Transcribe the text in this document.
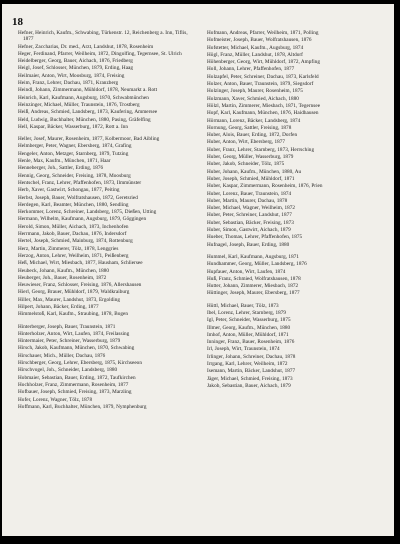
18
Hefner, Heinrich, Kaufm., Schwabing, Türkenstr. 12, Reichenberg a. Inn, Tiflis, 1877
Hefner, Zaccharias, Dr. med., Arzt, Landshut, 1878, Rosenheim
Heger, Ferdinand, Pfarrer, Weilheim, 1872, Dingolfing, Tegernsee, St. Ulrich
Heidelberger, Georg, Bauer, Aichach, 1876, Friedberg
Heigl, Josef, Schlosser, München, 1879, Erding, Haag
Heilmaier, Anton, Wirt, Moosburg, 1874, Freising
Heim, Franz, Lehrer, Dachau, 1871, Kranzberg
Heindl, Johann, Zimmermann, Mühldorf, 1878, Neumarkt a. Rott
Heinrich, Karl, Kaufmann, Augsburg, 1870, Schwabmünchen
Heinzinger, Michael, Müller, Traunstein, 1876, Trostberg
Heiß, Andreas, Schmied, Landsberg, 1873, Kaufering, Ammersee
Held, Ludwig, Buchhalter, München, 1880, Pasing, Gräfelfing
Hell, Kaspar, Bäcker, Wasserburg, 1872, Rott a. Inn
Heller, Josef, Maurer, Rosenheim, 1877, Kolbermoor, Bad Aibling
Helmberger, Peter, Wagner, Ebersberg, 1874, Grafing
Hengeler, Anton, Metzger, Starnberg, 1879, Tutzing
Henle, Max, Kaufm., München, 1871, Haar
Henneberger, Joh., Sattler, Erding, 1876
Hennig, Georg, Schneider, Freising, 1878, Moosburg
Hentschel, Franz, Lehrer, Pfaffenhofen, 1873, Ilmmünster
Herb, Xaver, Gastwirt, Schongau, 1877, Peiting
Herbst, Joseph, Bauer, Wolfratshausen, 1872, Geretsried
Herdegen, Karl, Beamter, München, 1880, Sendling
Herkommer, Lorenz, Schreiner, Landsberg, 1875, Dießen, Utting
Hermann, Wilhelm, Kaufmann, Augsburg, 1879, Göggingen
Herold, Simon, Müller, Aichach, 1873, Inchenhofen
Herrmann, Jakob, Bauer, Dachau, 1876, Indersdorf
Hertel, Joseph, Schmied, Mainburg, 1874, Rottenburg
Herz, Martin, Zimmerer, Tölz, 1878, Lenggries
Herzog, Anton, Lehrer, Weilheim, 1871, Peißenberg
Heß, Michael, Wirt, Miesbach, 1877, Hausham, Schliersee
Heubeck, Johann, Kaufm., München, 1880
Heuberger, Joh., Bauer, Rosenheim, 1872
Heuwieser, Franz, Schlosser, Freising, 1876, Allershausen
Hierl, Georg, Brauer, Mühldorf, 1879, Waldkraiburg
Hiller, Max, Maurer, Landshut, 1873, Ergolding
Hilpert, Johann, Bäcker, Erding, 1877
Himmelstoß, Karl, Kaufm., Straubing, 1878, Bogen
Hinterberger, Joseph, Bauer, Traunstein, 1871
Hinterholzer, Anton, Wirt, Laufen, 1874, Freilassing
Hintermaier, Peter, Schreiner, Wasserburg, 1879
Hirsch, Jakob, Kaufmann, München, 1870, Schwabing
Hirschauer, Mich., Müller, Dachau, 1876
Hirschberger, Georg, Lehrer, Ebersberg, 1875, Kirchseeon
Hirschvogel, Joh., Schneider, Landsberg, 1880
Hobmaier, Sebastian, Bauer, Erding, 1872, Taufkirchen
Hochholzer, Franz, Zimmermann, Rosenheim, 1877
Hofbauer, Joseph, Schmied, Freising, 1873, Marzling
Hofer, Lorenz, Wagner, Tölz, 1878
Hoffmann, Karl, Buchhalter, München, 1879, Nymphenburg
Hofmann, Andreas, Pfarrer, Weilheim, 1871, Polling
Hofmeister, Joseph, Bauer, Wolfratshausen, 1876
Hofstetter, Michael, Kaufm., Augsburg, 1874
Högl, Franz, Müller, Landshut, 1878, Altdorf
Höhenberger, Georg, Wirt, Mühldorf, 1872, Ampfing
Holl, Johann, Lehrer, Pfaffenhofen, 1877
Holzapfel, Peter, Schreiner, Dachau, 1873, Karlsfeld
Holzer, Anton, Bauer, Traunstein, 1879, Siegsdorf
Holzinger, Joseph, Maurer, Rosenheim, 1875
Holzmann, Xaver, Schmied, Aichach, 1880
Hölzl, Martin, Zimmerer, Miesbach, 1871, Tegernsee
Hopf, Karl, Kaufmann, München, 1876, Haidhausen
Hörmann, Lorenz, Bäcker, Landsberg, 1874
Hornung, Georg, Sattler, Freising, 1878
Huber, Alois, Bauer, Erding, 1872, Dorfen
Huber, Anton, Wirt, Ebersberg, 1877
Huber, Franz, Lehrer, Starnberg, 1873, Herrsching
Huber, Georg, Müller, Wasserburg, 1879
Huber, Jakob, Schneider, Tölz, 1875
Huber, Johann, Kaufm., München, 1880, Au
Huber, Joseph, Schmied, Mühldorf, 1871
Huber, Kaspar, Zimmermann, Rosenheim, 1876, Prien
Huber, Lorenz, Bauer, Traunstein, 1874
Huber, Martin, Maurer, Dachau, 1878
Huber, Michael, Wagner, Weilheim, 1872
Huber, Peter, Schreiner, Landshut, 1877
Huber, Sebastian, Bäcker, Freising, 1873
Huber, Simon, Gastwirt, Aichach, 1879
Hueber, Thomas, Lehrer, Pfaffenhofen, 1875
Hufnagel, Joseph, Bauer, Erding, 1880
Hummel, Karl, Kaufmann, Augsburg, 1871
Hundhammer, Georg, Müller, Landsberg, 1876
Hupfauer, Anton, Wirt, Laufen, 1874
Huß, Franz, Schmied, Wolfratshausen, 1878
Hutter, Johann, Zimmerer, Miesbach, 1872
Hüttinger, Joseph, Maurer, Ebersberg, 1877
Hüttl, Michael, Bauer, Tölz, 1873
Ibel, Lorenz, Lehrer, Starnberg, 1879
Igl, Peter, Schneider, Wasserburg, 1875
Illmer, Georg, Kaufm., München, 1880
Imhof, Anton, Müller, Mühldorf, 1871
Inninger, Franz, Bauer, Rosenheim, 1876
Irl, Joseph, Wirt, Traunstein, 1874
Irlinger, Johann, Schreiner, Dachau, 1878
Irrgang, Karl, Lehrer, Weilheim, 1872
Isemann, Martin, Bäcker, Landshut, 1877
Jäger, Michael, Schmied, Freising, 1873
Jakob, Sebastian, Bauer, Aichach, 1879
